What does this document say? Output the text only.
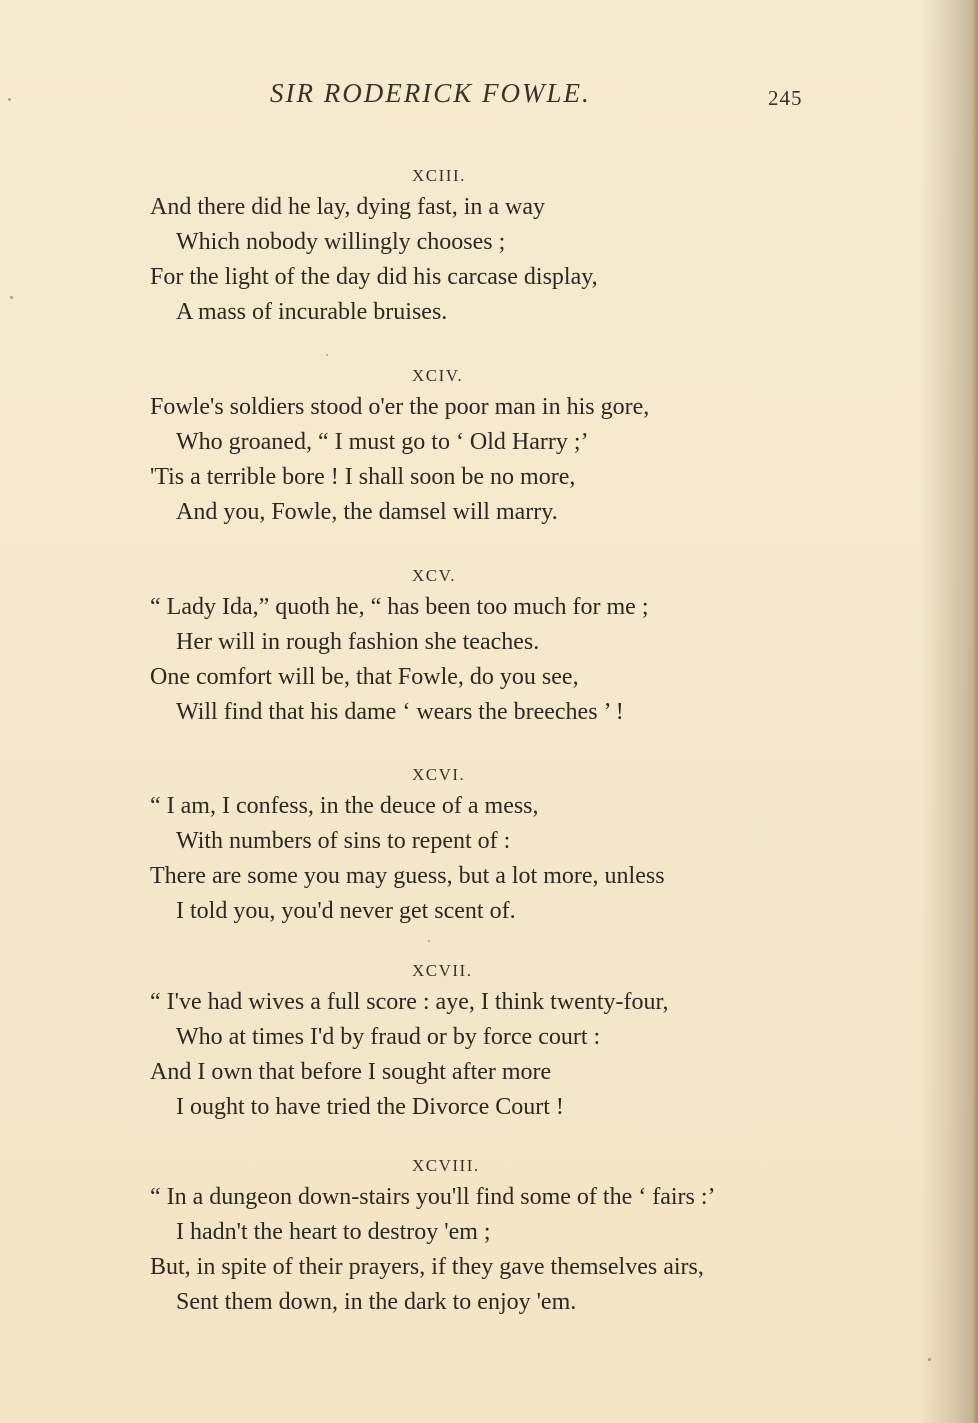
SIR RODERICK FOWLE.	245
XCIII.
And there did he lay, dying fast, in a way
Which nobody willingly chooses ;
For the light of the day did his carcase display,
A mass of incurable bruises.
XCIV.
Fowle's soldiers stood o'er the poor man in his gore,
Who groaned, “ I must go to ‘ Old Harry ;’
'Tis a terrible bore ! I shall soon be no more,
And you, Fowle, the damsel will marry.
XCV.
“ Lady Ida,” quoth he, “ has been too much for me ;
Her will in rough fashion she teaches.
One comfort will be, that Fowle, do you see,
Will find that his dame ‘ wears the breeches ’ !
XCVI.
“ I am, I confess, in the deuce of a mess,
With numbers of sins to repent of :
There are some you may guess, but a lot more, unless
I told you, you'd never get scent of.
XCVII.
“ I've had wives a full score : aye, I think twenty-four,
Who at times I'd by fraud or by force court :
And I own that before I sought after more
I ought to have tried the Divorce Court !
XCVIII.
“ In a dungeon down-stairs you'll find some of the ‘ fairs :’
I hadn't the heart to destroy 'em ;
But, in spite of their prayers, if they gave themselves airs,
Sent them down, in the dark to enjoy 'em.
